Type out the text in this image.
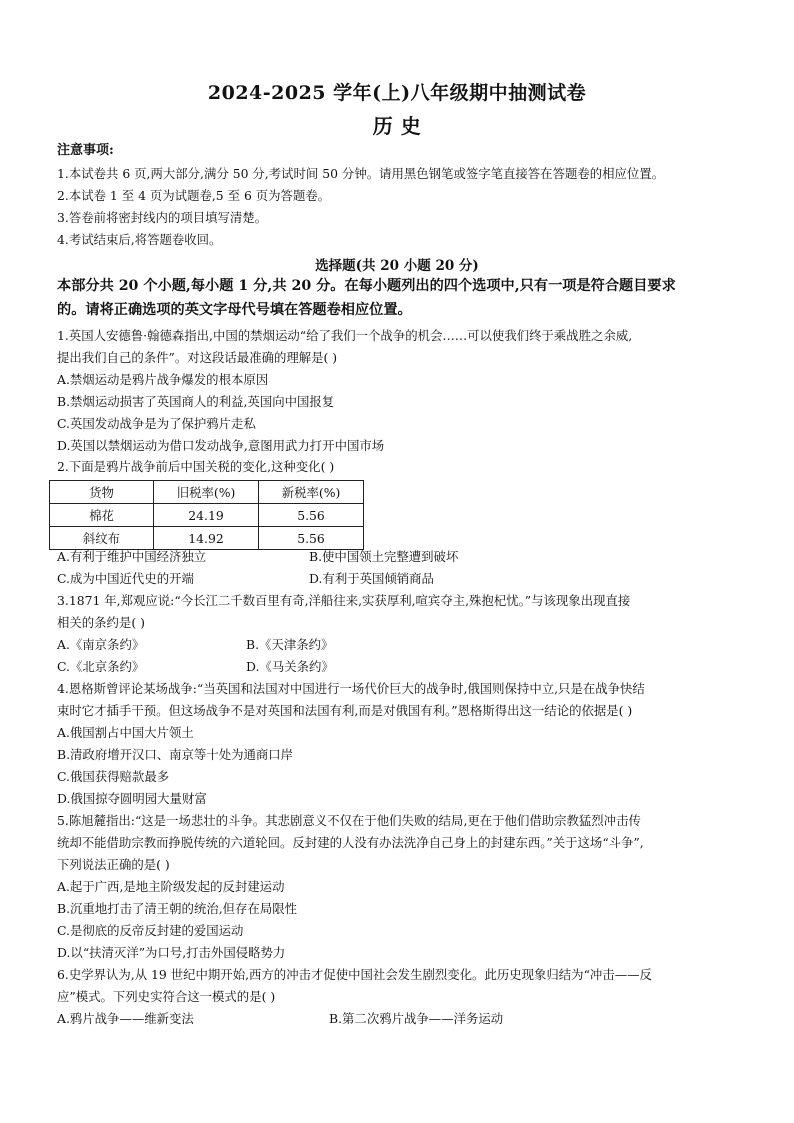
2024-2025 学年(上)八年级期中抽测试卷
历 史
注意事项:
1.本试卷共 6 页,两大部分,满分 50 分,考试时间 50 分钟。请用黑色钢笔或签字笔直接答在答题卷的相应位置。
2.本试卷 1 至 4 页为试题卷,5 至 6 页为答题卷。
3.答卷前将密封线内的项目填写清楚。
4.考试结束后,将答题卷收回。
选择题(共 20 小题 20 分)
本部分共 20 个小题,每小题 1 分,共 20 分。在每小题列出的四个选项中,只有一项是符合题目要求
的。请将正确选项的英文字母代号填在答题卷相应位置。
1.英国人安德鲁·翰德森指出,中国的禁烟运动“给了我们一个战争的机会……可以使我们终于乘战胜之余威,
提出我们自己的条件”。对这段话最准确的理解是( )
A.禁烟运动是鸦片战争爆发的根本原因
B.禁烟运动损害了英国商人的利益,英国向中国报复
C.英国发动战争是为了保护鸦片走私
D.英国以禁烟运动为借口发动战争,意图用武力打开中国市场
2.下面是鸦片战争前后中国关税的变化,这种变化( )
货物	旧税率(%)	新税率(%)
棉花	24.19	5.56
斜纹布	14.92	5.56
A.有利于维护中国经济独立	B.使中国领土完整遭到破坏
C.成为中国近代史的开端	D.有利于英国倾销商品
3.1871 年,郑观应说:“今长江二千数百里有奇,洋船往来,实获厚利,喧宾夺主,殊抱杞忧。”与该现象出现直接
相关的条约是( )
A.《南京条约》	B.《天津条约》
C.《北京条约》	D.《马关条约》
4.恩格斯曾评论某场战争:“当英国和法国对中国进行一场代价巨大的战争时,俄国则保持中立,只是在战争快结
束时它才插手干预。但这场战争不是对英国和法国有利,而是对俄国有利。”恩格斯得出这一结论的依据是( )
A.俄国割占中国大片领土
B.清政府增开汉口、南京等十处为通商口岸
C.俄国获得赔款最多
D.俄国掠夺圆明园大量财富
5.陈旭麓指出:“这是一场悲壮的斗争。其悲剧意义不仅在于他们失败的结局,更在于他们借助宗教猛烈冲击传
统却不能借助宗教而挣脱传统的六道轮回。反封建的人没有办法洗净自己身上的封建东西。”关于这场“斗争”,
下列说法正确的是( )
A.起于广西,是地主阶级发起的反封建运动
B.沉重地打击了清王朝的统治,但存在局限性
C.是彻底的反帝反封建的爱国运动
D.以“扶清灭洋”为口号,打击外国侵略势力
6.史学界认为,从 19 世纪中期开始,西方的冲击才促使中国社会发生剧烈变化。此历史现象归结为“冲击——反
应”模式。下列史实符合这一模式的是( )
A.鸦片战争——维新变法	B.第二次鸦片战争——洋务运动
